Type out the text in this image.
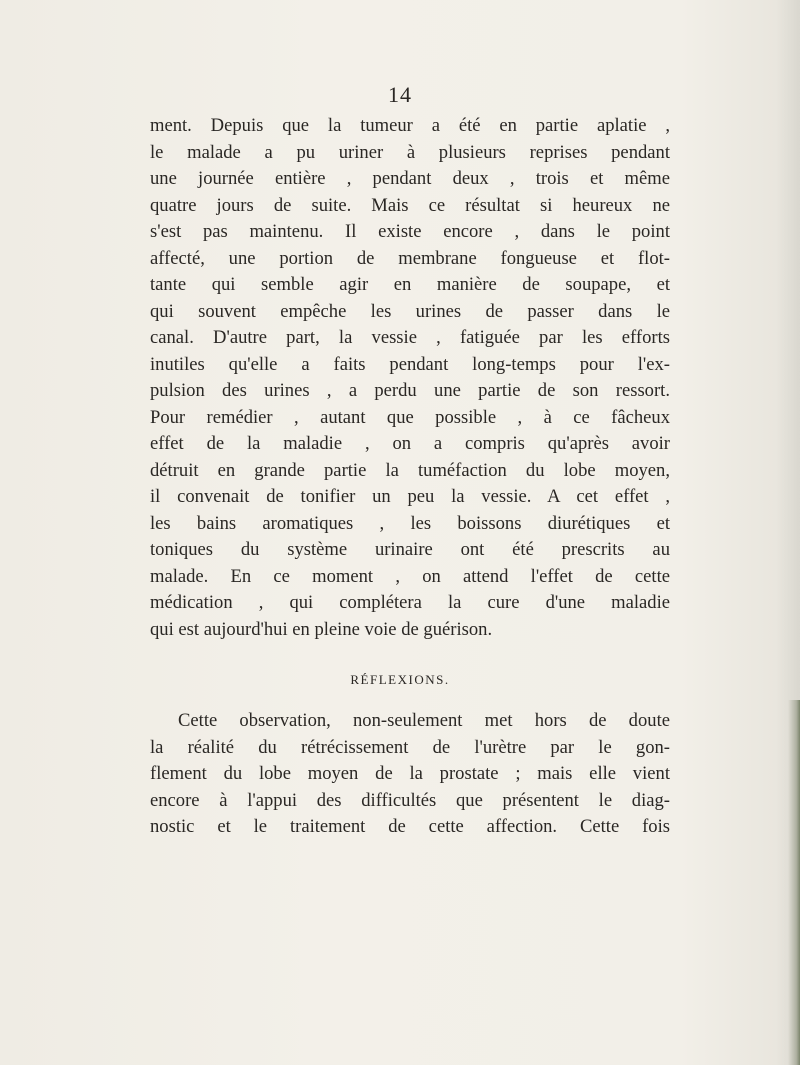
14
ment. Depuis que la tumeur a été en partie aplatie ,
le malade a pu uriner à plusieurs reprises pendant
une journée entière , pendant deux , trois et même
quatre jours de suite. Mais ce résultat si heureux ne
s'est pas maintenu. Il existe encore , dans le point
affecté, une portion de membrane fongueuse et flot-
tante qui semble agir en manière de soupape, et
qui souvent empêche les urines de passer dans le
canal. D'autre part, la vessie , fatiguée par les efforts
inutiles qu'elle a faits pendant long-temps pour l'ex-
pulsion des urines , a perdu une partie de son ressort.
Pour remédier , autant que possible , à ce fâcheux
effet de la maladie , on a compris qu'après avoir
détruit en grande partie la tuméfaction du lobe moyen,
il convenait de tonifier un peu la vessie. A cet effet ,
les bains aromatiques , les boissons diurétiques et
toniques du système urinaire ont été prescrits au
malade. En ce moment , on attend l'effet de cette
médication , qui complétera la cure d'une maladie
qui est aujourd'hui en pleine voie de guérison.
RÉFLEXIONS.
Cette observation, non-seulement met hors de doute
la réalité du rétrécissement de l'urètre par le gon-
flement du lobe moyen de la prostate ; mais elle vient
encore à l'appui des difficultés que présentent le diag-
nostic et le traitement de cette affection. Cette fois
